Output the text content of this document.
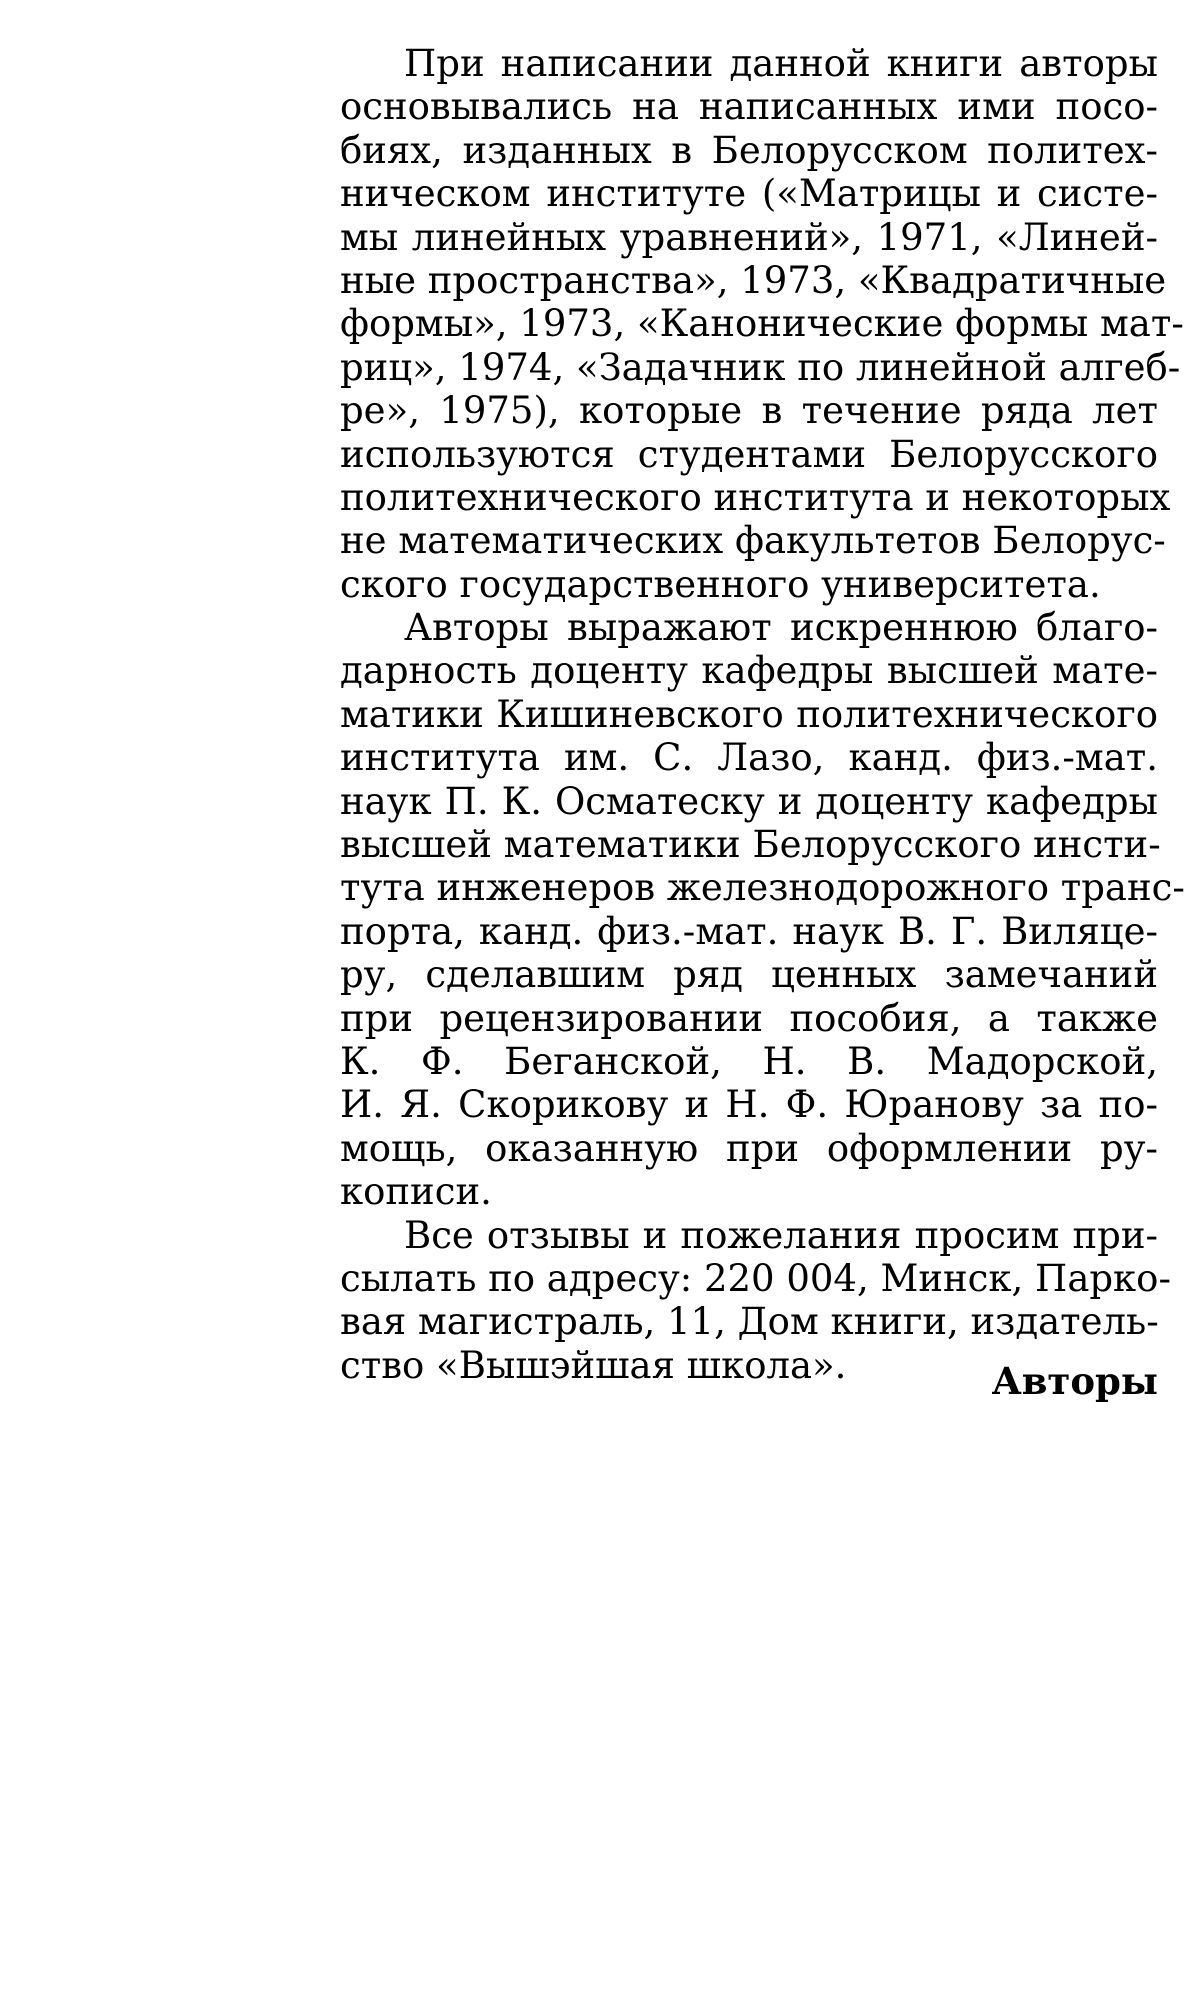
При написании данной книги авторы
основывались на написанных ими посо-
биях, изданных в Белорусском политех-
ническом институте («Матрицы и систе-
мы линейных уравнений», 1971, «Линей-
ные пространства», 1973, «Квадратичные
формы», 1973, «Канонические формы мат-
риц», 1974, «Задачник по линейной алгеб-
ре», 1975), которые в течение ряда лет
используются студентами Белорусского
политехнического института и некоторых
не математических факультетов Белорус-
ского государственного университета.
Авторы выражают искреннюю благо-
дарность доценту кафедры высшей мате-
матики Кишиневского политехнического
института им. С. Лазо, канд. физ.-мат.
наук П. К. Осматеску и доценту кафедры
высшей математики Белорусского инсти-
тута инженеров железнодорожного транс-
порта, канд. физ.-мат. наук В. Г. Виляце-
ру, сделавшим ряд ценных замечаний
при рецензировании пособия, а также
К. Ф. Беганской, Н. В. Мадорской,
И. Я. Скорикову и Н. Ф. Юранову за по-
мощь, оказанную при оформлении ру-
кописи.
Все отзывы и пожелания просим при-
сылать по адресу: 220 004, Минск, Парко-
вая магистраль, 11, Дом книги, издатель-
ство «Вышэйшая школа».	Авторы
